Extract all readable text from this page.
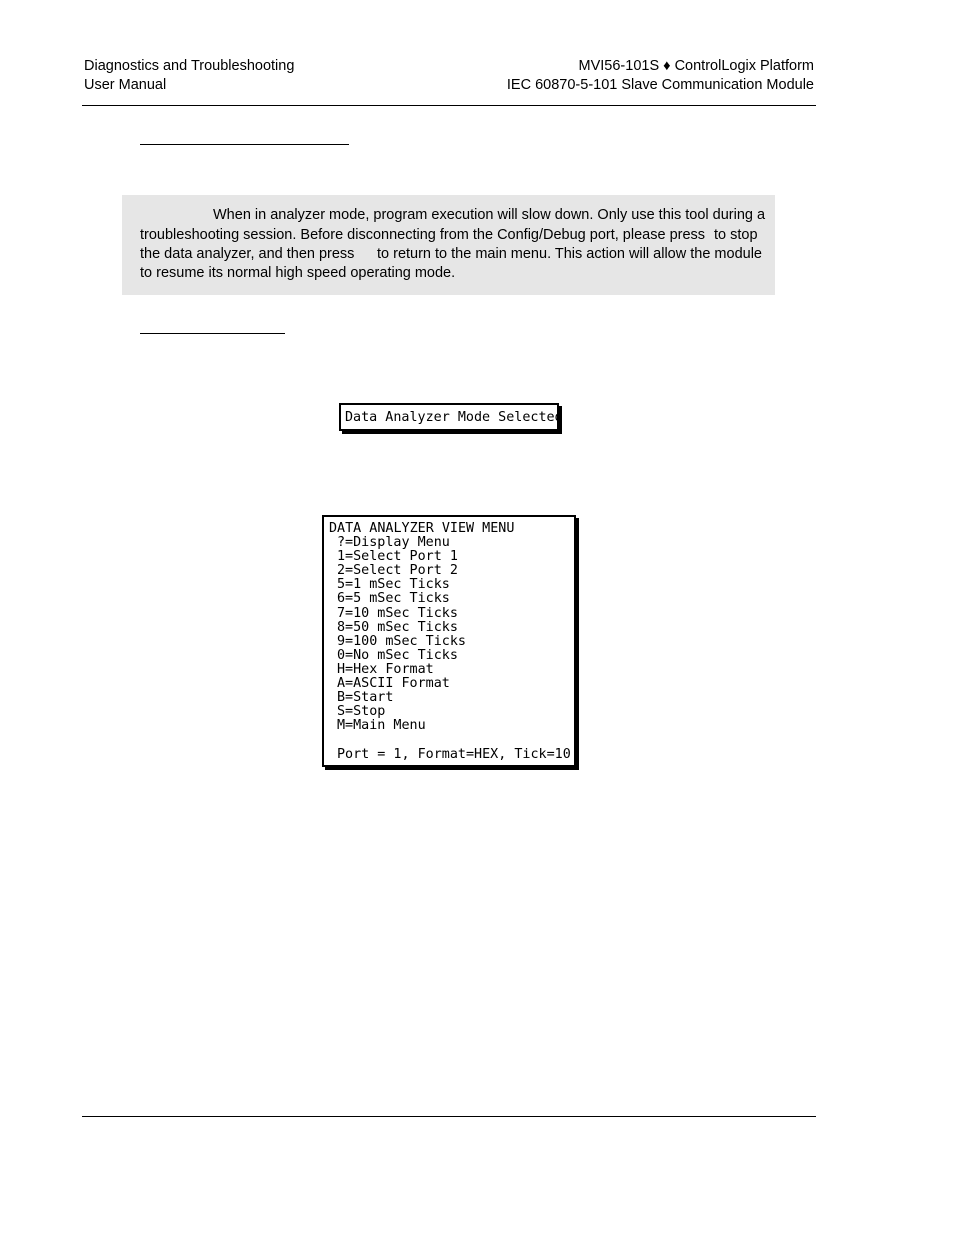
Diagnostics and Troubleshooting
User Manual
MVI56-101S ♦ ControlLogix Platform
IEC 60870-5-101 Slave Communication Module
When in analyzer mode, program execution will slow down. Only use this tool during a
troubleshooting session. Before disconnecting from the Config/Debug port, please press to stop
the data analyzer, and then press to return to the main menu. This action will allow the module
to resume its normal high speed operating mode.
Data Analyzer Mode Selected
DATA ANALYZER VIEW MENU
?=Display Menu
1=Select Port 1
2=Select Port 2
5=1 mSec Ticks
6=5 mSec Ticks
7=10 mSec Ticks
8=50 mSec Ticks
9=100 mSec Ticks
0=No mSec Ticks
H=Hex Format
A=ASCII Format
B=Start
S=Stop
M=Main Menu
Port = 1, Format=HEX, Tick=10
